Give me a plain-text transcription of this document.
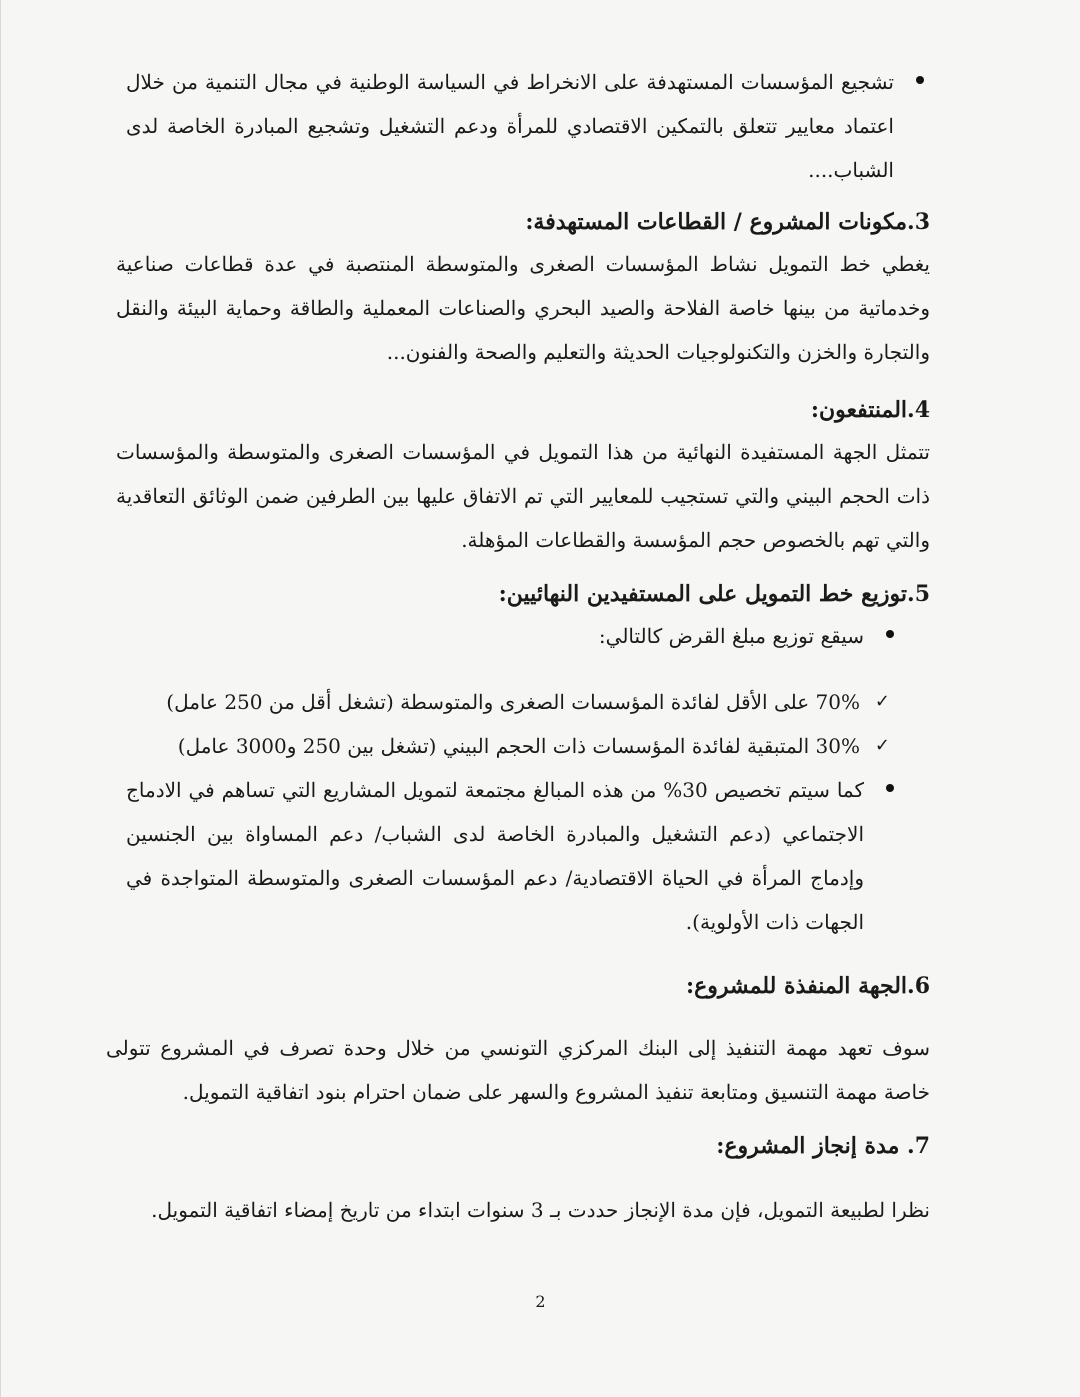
تشجيع المؤسسات المستهدفة على الانخراط في السياسة الوطنية في مجال التنمية من خلال اعتماد معايير تتعلق بالتمكين الاقتصادي للمرأة ودعم التشغيل وتشجيع المبادرة الخاصة لدى الشباب....
3.مكونات المشروع / القطاعات المستهدفة:

يغطي خط التمويل نشاط المؤسسات الصغرى والمتوسطة المنتصبة في عدة قطاعات صناعية وخدماتية من بينها خاصة الفلاحة والصيد البحري والصناعات المعملية والطاقة وحماية البيئة والنقل والتجارة والخزن والتكنولوجيات الحديثة والتعليم والصحة والفنون...

4.المنتفعون:

تتمثل الجهة المستفيدة النهائية من هذا التمويل في المؤسسات الصغرى والمتوسطة والمؤسسات ذات الحجم البيني والتي تستجيب للمعايير التي تم الاتفاق عليها بين الطرفين ضمن الوثائق التعاقدية والتي تهم بالخصوص حجم المؤسسة والقطاعات المؤهلة.

5.توزيع خط التمويل على المستفيدين النهائيين:
سيقع توزيع مبلغ القرض كالتالي:
✓
70% على الأقل لفائدة المؤسسات الصغرى والمتوسطة (تشغل أقل من 250 عامل)
✓
30% المتبقية لفائدة المؤسسات ذات الحجم البيني (تشغل بين 250 و3000 عامل)
كما سيتم تخصيص 30% من هذه المبالغ مجتمعة لتمويل المشاريع التي تساهم في الادماج الاجتماعي (دعم التشغيل والمبادرة الخاصة لدى الشباب/ دعم المساواة بين الجنسين وإدماج المرأة في الحياة الاقتصادية/ دعم المؤسسات الصغرى والمتوسطة المتواجدة في الجهات ذات الأولوية).
6.الجهة المنفذة للمشروع:

سوف تعهد مهمة التنفيذ إلى البنك المركزي التونسي من خلال وحدة تصرف في المشروع تتولى خاصة مهمة التنسيق ومتابعة تنفيذ المشروع والسهر على ضمان احترام بنود اتفاقية التمويل.

7. مدة إنجاز المشروع:

نظرا لطبيعة التمويل، فإن مدة الإنجاز حددت بـ 3 سنوات ابتداء من تاريخ إمضاء اتفاقية التمويل.

2
